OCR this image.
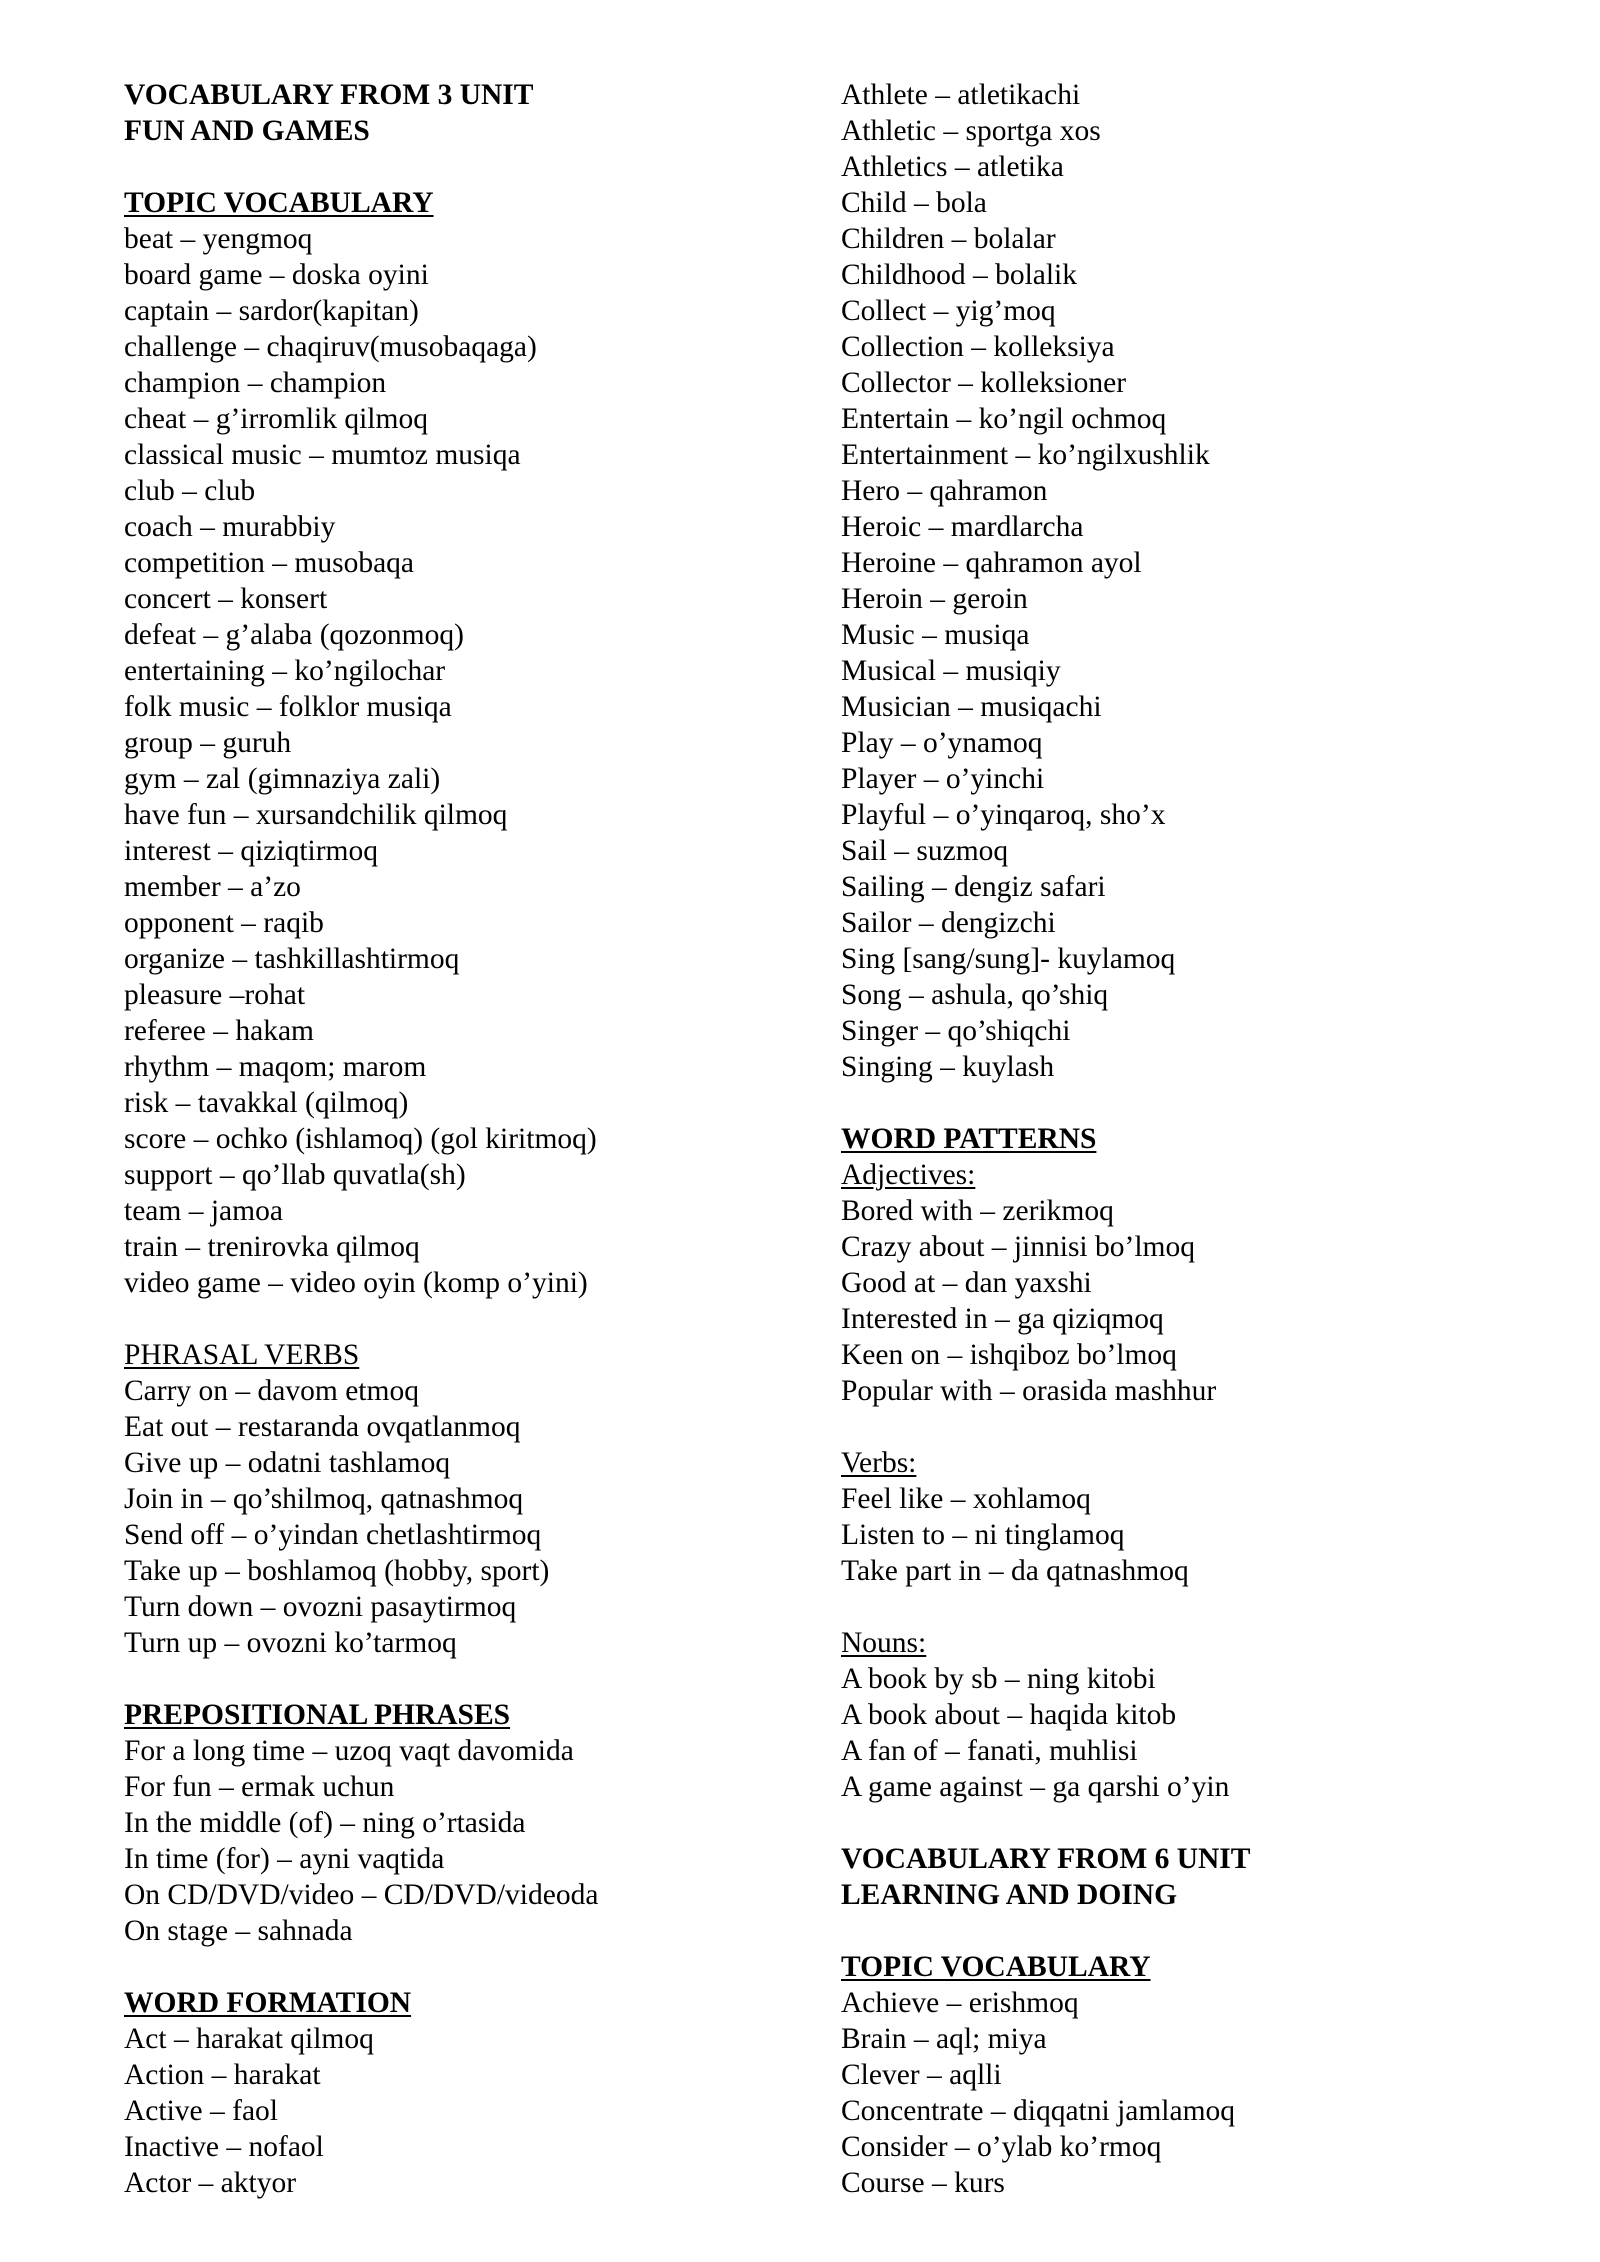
VOCABULARY FROM 3 UNIT
FUN AND GAMES
TOPIC VOCABULARY
beat – yengmoq
board game – doska oyini
captain – sardor(kapitan)
challenge – chaqiruv(musobaqaga)
champion – champion
cheat – g’irromlik qilmoq
classical music – mumtoz musiqa
club – club
coach – murabbiy
competition – musobaqa
concert – konsert
defeat – g’alaba (qozonmoq)
entertaining – ko’ngilochar
folk music – folklor musiqa
group – guruh
gym – zal (gimnaziya zali)
have fun – xursandchilik qilmoq
interest – qiziqtirmoq
member – a’zo
opponent – raqib
organize – tashkillashtirmoq
pleasure –rohat
referee – hakam
rhythm – maqom; marom
risk – tavakkal (qilmoq)
score – ochko (ishlamoq) (gol kiritmoq)
support – qo’llab quvatla(sh)
team – jamoa
train – trenirovka qilmoq
video game – video oyin (komp o’yini)
PHRASAL VERBS
Carry on – davom etmoq
Eat out – restaranda ovqatlanmoq
Give up – odatni tashlamoq
Join in – qo’shilmoq, qatnashmoq
Send off – o’yindan chetlashtirmoq
Take up – boshlamoq (hobby, sport)
Turn down – ovozni pasaytirmoq
Turn up – ovozni ko’tarmoq
PREPOSITIONAL PHRASES
For a long time – uzoq vaqt davomida
For fun – ermak uchun
In the middle (of) – ning o’rtasida
In time (for) – ayni vaqtida
On CD/DVD/video – CD/DVD/videoda
On stage – sahnada
WORD FORMATION
Act – harakat qilmoq
Action – harakat
Active – faol
Inactive – nofaol
Actor – aktyor
Athlete – atletikachi
Athletic – sportga xos
Athletics – atletika
Child – bola
Children – bolalar
Childhood – bolalik
Collect – yig’moq
Collection – kolleksiya
Collector – kolleksioner
Entertain – ko’ngil ochmoq
Entertainment – ko’ngilxushlik
Hero – qahramon
Heroic – mardlarcha
Heroine – qahramon ayol
Heroin – geroin
Music – musiqa
Musical – musiqiy
Musician – musiqachi
Play – o’ynamoq
Player – o’yinchi
Playful – o’yinqaroq, sho’x
Sail – suzmoq
Sailing – dengiz safari
Sailor – dengizchi
Sing [sang/sung]- kuylamoq
Song – ashula, qo’shiq
Singer – qo’shiqchi
Singing – kuylash
WORD PATTERNS
Adjectives:
Bored with – zerikmoq
Crazy about – jinnisi bo’lmoq
Good at – dan yaxshi
Interested in – ga qiziqmoq
Keen on – ishqiboz bo’lmoq
Popular with – orasida mashhur
Verbs:
Feel like – xohlamoq
Listen to – ni tinglamoq
Take part in – da qatnashmoq
Nouns:
A book by sb – ning kitobi
A book about – haqida kitob
A fan of – fanati, muhlisi
A game against – ga qarshi o’yin
VOCABULARY FROM 6 UNIT
LEARNING AND DOING
TOPIC VOCABULARY
Achieve – erishmoq
Brain – aql; miya
Clever – aqlli
Concentrate – diqqatni jamlamoq
Consider – o’ylab ko’rmoq
Course – kurs
